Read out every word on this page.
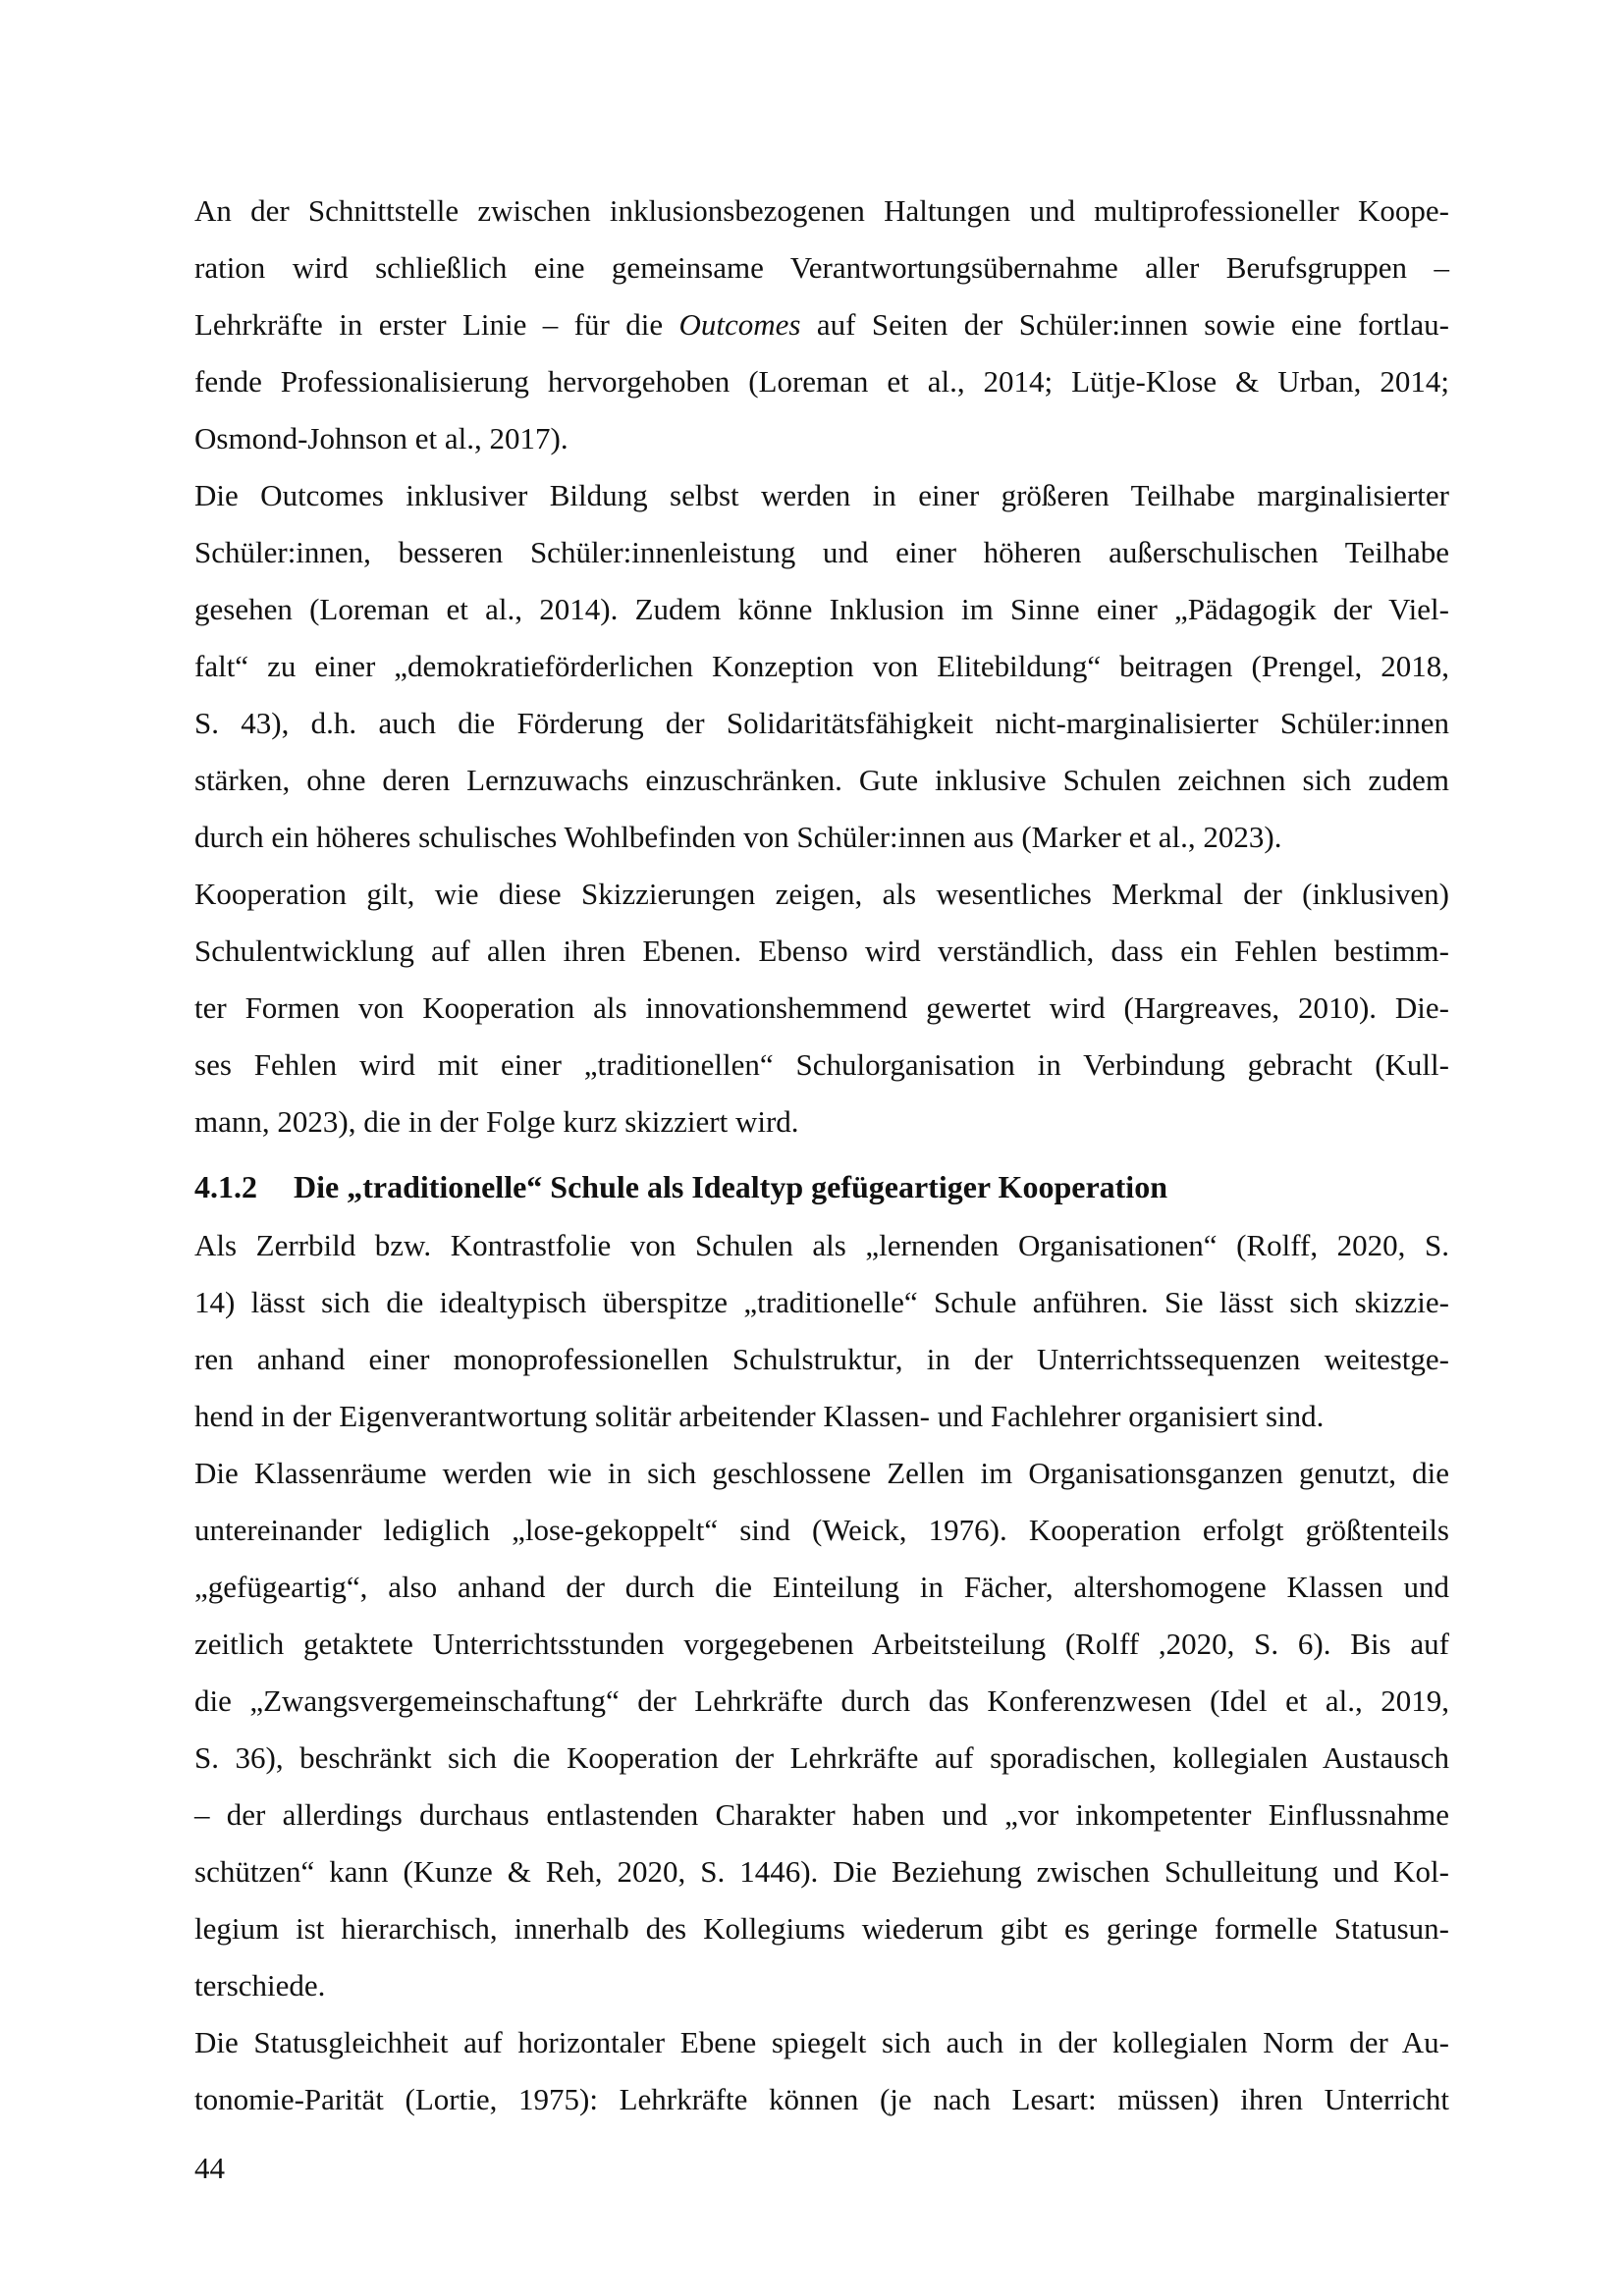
An der Schnittstelle zwischen inklusionsbezogenen Haltungen und multiprofessioneller Koope-
ration wird schließlich eine gemeinsame Verantwortungsübernahme aller Berufsgruppen –
Lehrkräfte in erster Linie – für die Outcomes auf Seiten der Schüler:innen sowie eine fortlau-
fende Professionalisierung hervorgehoben (Loreman et al., 2014; Lütje-Klose & Urban, 2014;
Osmond-Johnson et al., 2017).
Die Outcomes inklusiver Bildung selbst werden in einer größeren Teilhabe marginalisierter
Schüler:innen, besseren Schüler:innenleistung und einer höheren außerschulischen Teilhabe
gesehen (Loreman et al., 2014). Zudem könne Inklusion im Sinne einer „Pädagogik der Viel-
falt“ zu einer „demokratieförderlichen Konzeption von Elitebildung“ beitragen (Prengel, 2018,
S. 43), d.h. auch die Förderung der Solidaritätsfähigkeit nicht-marginalisierter Schüler:innen
stärken, ohne deren Lernzuwachs einzuschränken. Gute inklusive Schulen zeichnen sich zudem
durch ein höheres schulisches Wohlbefinden von Schüler:innen aus (Marker et al., 2023).
Kooperation gilt, wie diese Skizzierungen zeigen, als wesentliches Merkmal der (inklusiven)
Schulentwicklung auf allen ihren Ebenen. Ebenso wird verständlich, dass ein Fehlen bestimm-
ter Formen von Kooperation als innovationshemmend gewertet wird (Hargreaves, 2010). Die-
ses Fehlen wird mit einer „traditionellen“ Schulorganisation in Verbindung gebracht (Kull-
mann, 2023), die in der Folge kurz skizziert wird.
4.1.2 Die „traditionelle“ Schule als Idealtyp gefügeartiger Kooperation
Als Zerrbild bzw. Kontrastfolie von Schulen als „lernenden Organisationen“ (Rolff, 2020, S.
14) lässt sich die idealtypisch überspitze „traditionelle“ Schule anführen. Sie lässt sich skizzie-
ren anhand einer monoprofessionellen Schulstruktur, in der Unterrichtssequenzen weitestge-
hend in der Eigenverantwortung solitär arbeitender Klassen- und Fachlehrer organisiert sind.
Die Klassenräume werden wie in sich geschlossene Zellen im Organisationsganzen genutzt, die
untereinander lediglich „lose-gekoppelt“ sind (Weick, 1976). Kooperation erfolgt größtenteils
„gefügeartig“, also anhand der durch die Einteilung in Fächer, altershomogene Klassen und
zeitlich getaktete Unterrichtsstunden vorgegebenen Arbeitsteilung (Rolff ,2020, S. 6). Bis auf
die „Zwangsvergemeinschaftung“ der Lehrkräfte durch das Konferenzwesen (Idel et al., 2019,
S. 36), beschränkt sich die Kooperation der Lehrkräfte auf sporadischen, kollegialen Austausch
– der allerdings durchaus entlastenden Charakter haben und „vor inkompetenter Einflussnahme
schützen“ kann (Kunze & Reh, 2020, S. 1446). Die Beziehung zwischen Schulleitung und Kol-
legium ist hierarchisch, innerhalb des Kollegiums wiederum gibt es geringe formelle Statusun-
terschiede.
Die Statusgleichheit auf horizontaler Ebene spiegelt sich auch in der kollegialen Norm der Au-
tonomie-Parität (Lortie, 1975): Lehrkräfte können (je nach Lesart: müssen) ihren Unterricht
44
